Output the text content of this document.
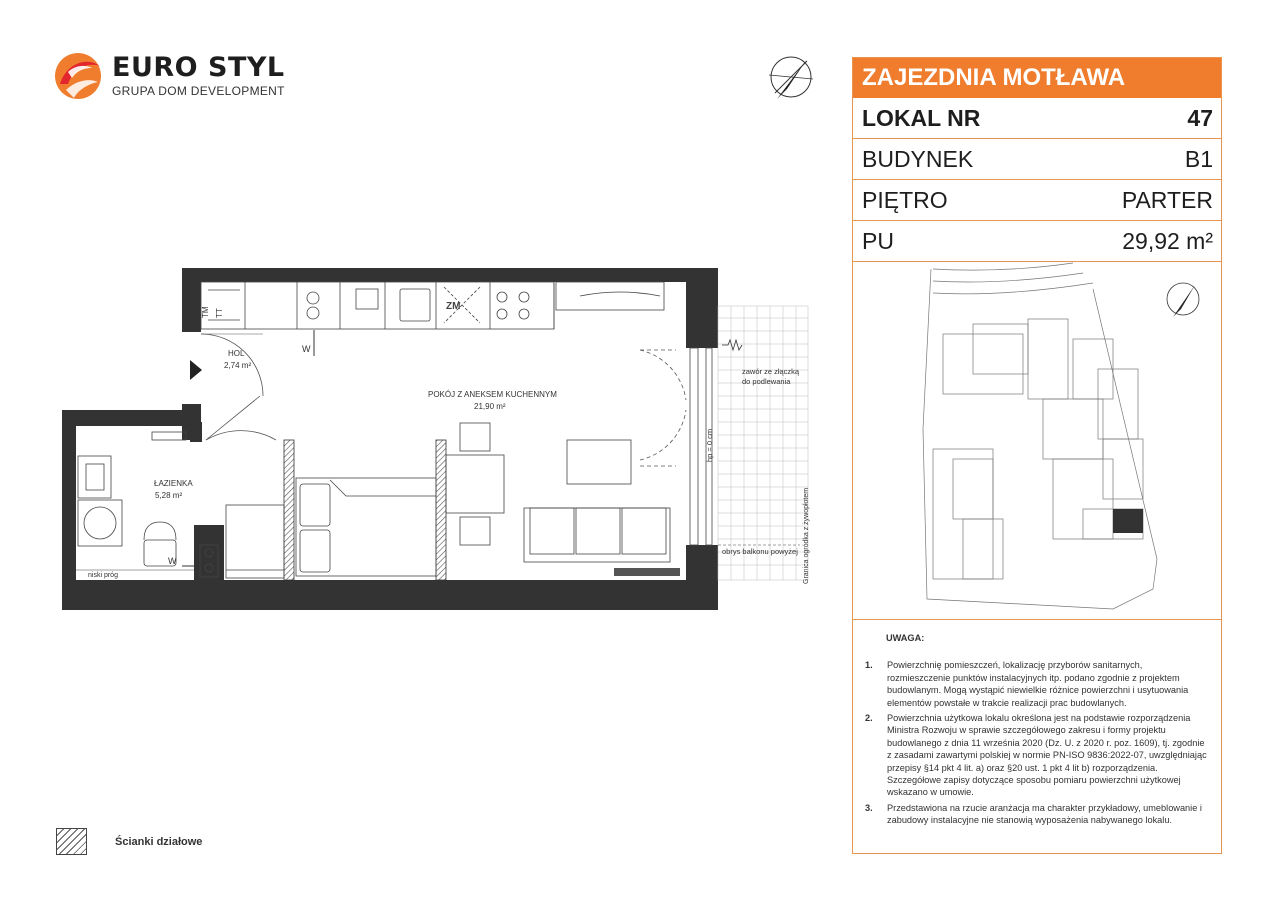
EURO STYL
GRUPA DOM DEVELOPMENT
TM TT
ZM
W
W
niski próg
zawór ze złączką
do podlewania
hp = 0 cm
obrys balkonu powyżej Granica ogródka z żywopłotem
HOL
2,74 m²
ŁAZIENKA
5,28 m²
POKÓJ Z ANEKSEM KUCHENNYM
21,90 m²
ZAJEZDNIA MOTŁAWA
LOKAL NR	47
BUDYNEK	B1
PIĘTRO	PARTER
PU	29,92 m²
UWAGA:
1.	Powierzchnię pomieszczeń, lokalizację przyborów sanitarnych, rozmieszczenie punktów instalacyjnych itp. podano zgodnie z projektem budowlanym. Mogą wystąpić niewielkie różnice powierzchni i usytuowania elementów powstałe w trakcie realizacji prac budowlanych.
2.	Powierzchnia użytkowa lokalu określona jest na podstawie rozporządzenia Ministra Rozwoju w sprawie szczegółowego zakresu i formy projektu budowlanego z dnia 11 września 2020 (Dz. U. z 2020 r. poz. 1609), tj. zgodnie z zasadami zawartymi polskiej w normie PN-ISO 9836:2022-07, uwzględniając przepisy §14 pkt 4 lit. a) oraz §20 ust. 1 pkt 4 lit b) rozporządzenia. Szczegółowe zapisy dotyczące sposobu pomiaru powierzchni użytkowej wskazano w umowie.
3.	Przedstawiona na rzucie aranżacja ma charakter przykładowy, umeblowanie i zabudowy instalacyjne nie stanowią wyposażenia nabywanego lokalu.
Ścianki działowe
